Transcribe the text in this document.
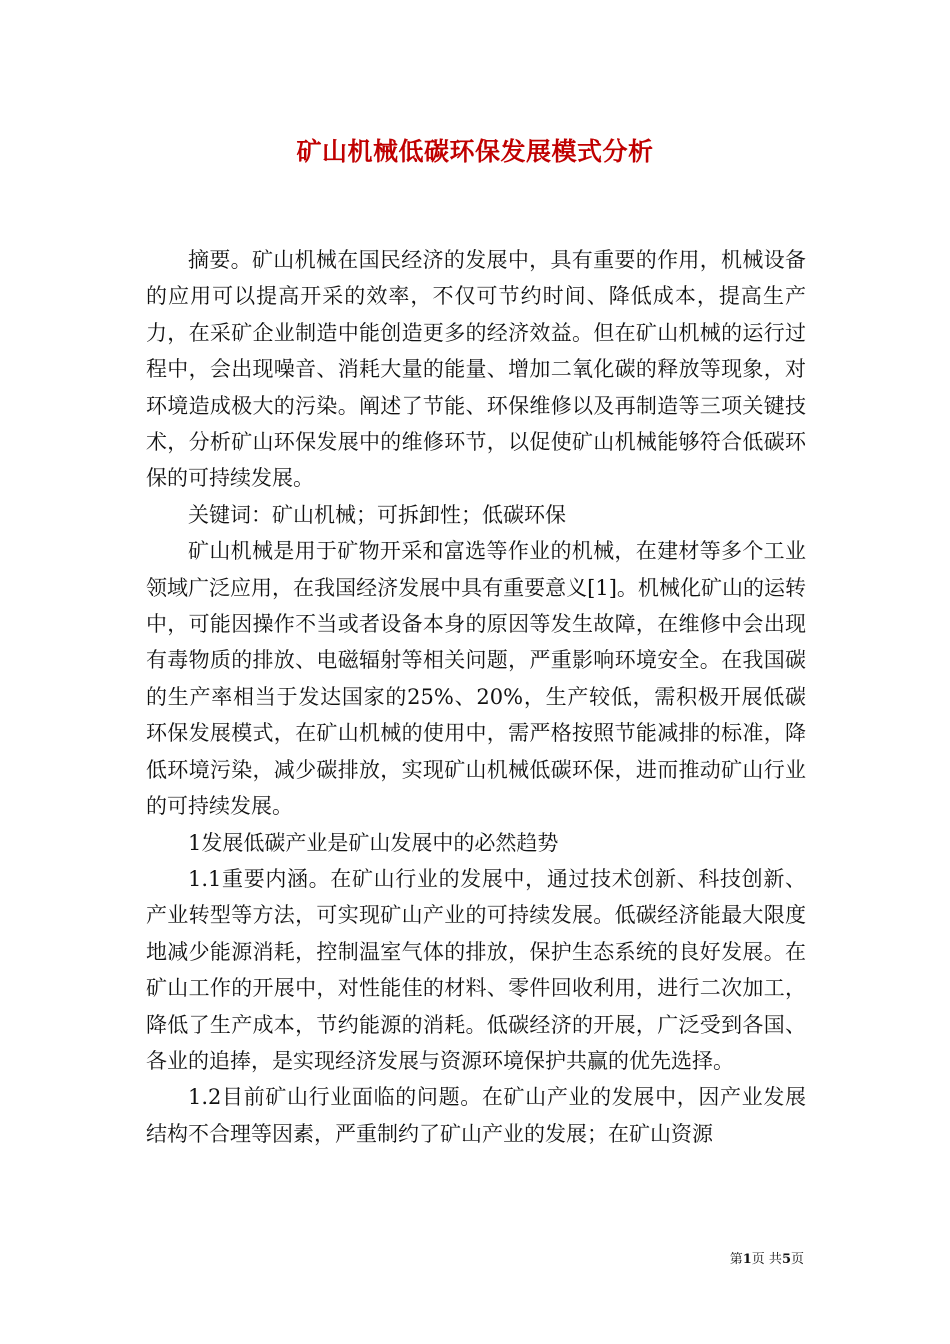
矿山机械低碳环保发展模式分析

摘要。矿山机械在国民经济的发展中，具有重要的作用，机械设备的应用可以提高开采的效率，不仅可节约时间、降低成本，提高生产力，在采矿企业制造中能创造更多的经济效益。但在矿山机械的运行过程中，会出现噪音、消耗大量的能量、增加二氧化碳的释放等现象，对环境造成极大的污染。阐述了节能、环保维修以及再制造等三项关键技术，分析矿山环保发展中的维修环节，以促使矿山机械能够符合低碳环保的可持续发展。

关键词：矿山机械；可拆卸性；低碳环保

矿山机械是用于矿物开采和富选等作业的机械，在建材等多个工业领域广泛应用，在我国经济发展中具有重要意义[1]。机械化矿山的运转中，可能因操作不当或者设备本身的原因等发生故障，在维修中会出现有毒物质的排放、电磁辐射等相关问题，严重影响环境安全。在我国碳的生产率相当于发达国家的25%、20%，生产较低，需积极开展低碳环保发展模式，在矿山机械的使用中，需严格按照节能减排的标准，降低环境污染，减少碳排放，实现矿山机械低碳环保，进而推动矿山行业的可持续发展。

1发展低碳产业是矿山发展中的必然趋势

1.1重要内涵。在矿山行业的发展中，通过技术创新、科技创新、产业转型等方法，可实现矿山产业的可持续发展。低碳经济能最大限度地减少能源消耗，控制温室气体的排放，保护生态系统的良好发展。在矿山工作的开展中，对性能佳的材料、零件回收利用，进行二次加工，降低了生产成本，节约能源的消耗。低碳经济的开展，广泛受到各国、各业的追捧，是实现经济发展与资源环境保护共赢的优先选择。

1.2目前矿山行业面临的问题。在矿山产业的发展中，因产业发展结构不合理等因素，严重制约了矿山产业的发展；在矿山资源

第1页 共5页
